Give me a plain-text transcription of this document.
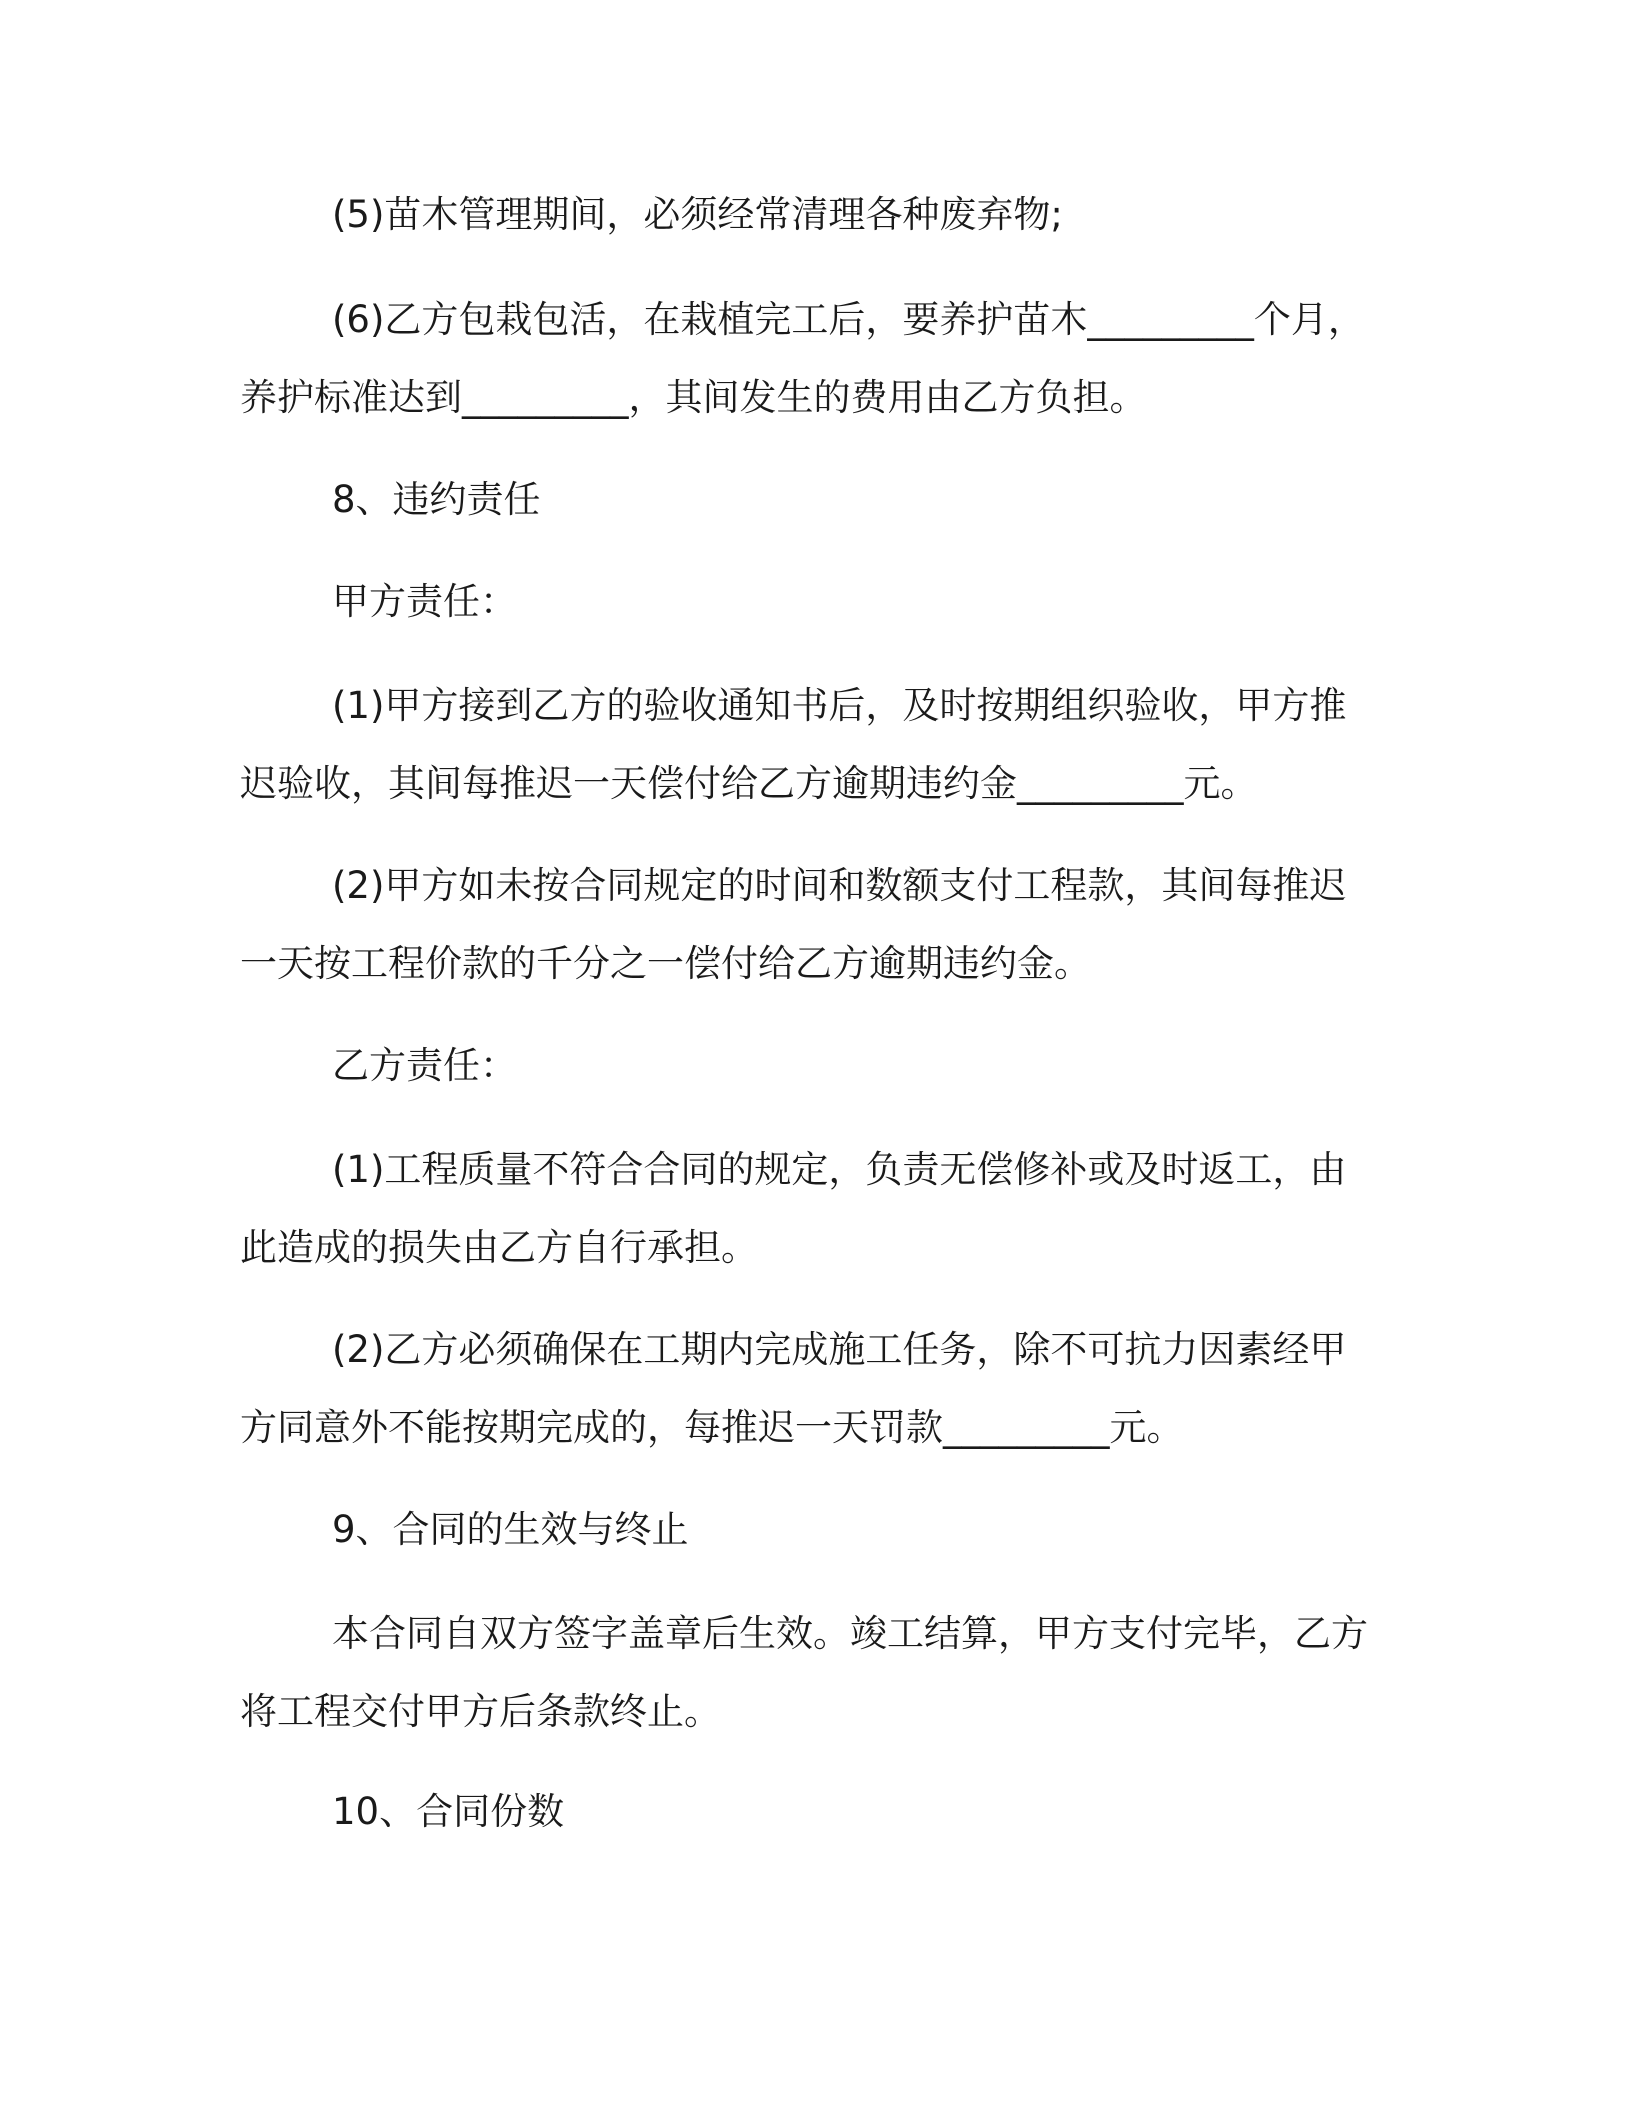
(5)苗木管理期间，必须经常清理各种废弃物;
(6)乙方包栽包活，在栽植完工后，要养护苗木_________个月，
养护标准达到_________，其间发生的费用由乙方负担。
8、违约责任
甲方责任：
(1)甲方接到乙方的验收通知书后，及时按期组织验收，甲方推
迟验收，其间每推迟一天偿付给乙方逾期违约金_________元。
(2)甲方如未按合同规定的时间和数额支付工程款，其间每推迟
一天按工程价款的千分之一偿付给乙方逾期违约金。
乙方责任：
(1)工程质量不符合合同的规定，负责无偿修补或及时返工，由
此造成的损失由乙方自行承担。
(2)乙方必须确保在工期内完成施工任务，除不可抗力因素经甲
方同意外不能按期完成的，每推迟一天罚款_________元。
9、合同的生效与终止
本合同自双方签字盖章后生效。竣工结算，甲方支付完毕，乙方
将工程交付甲方后条款终止。
10、合同份数
